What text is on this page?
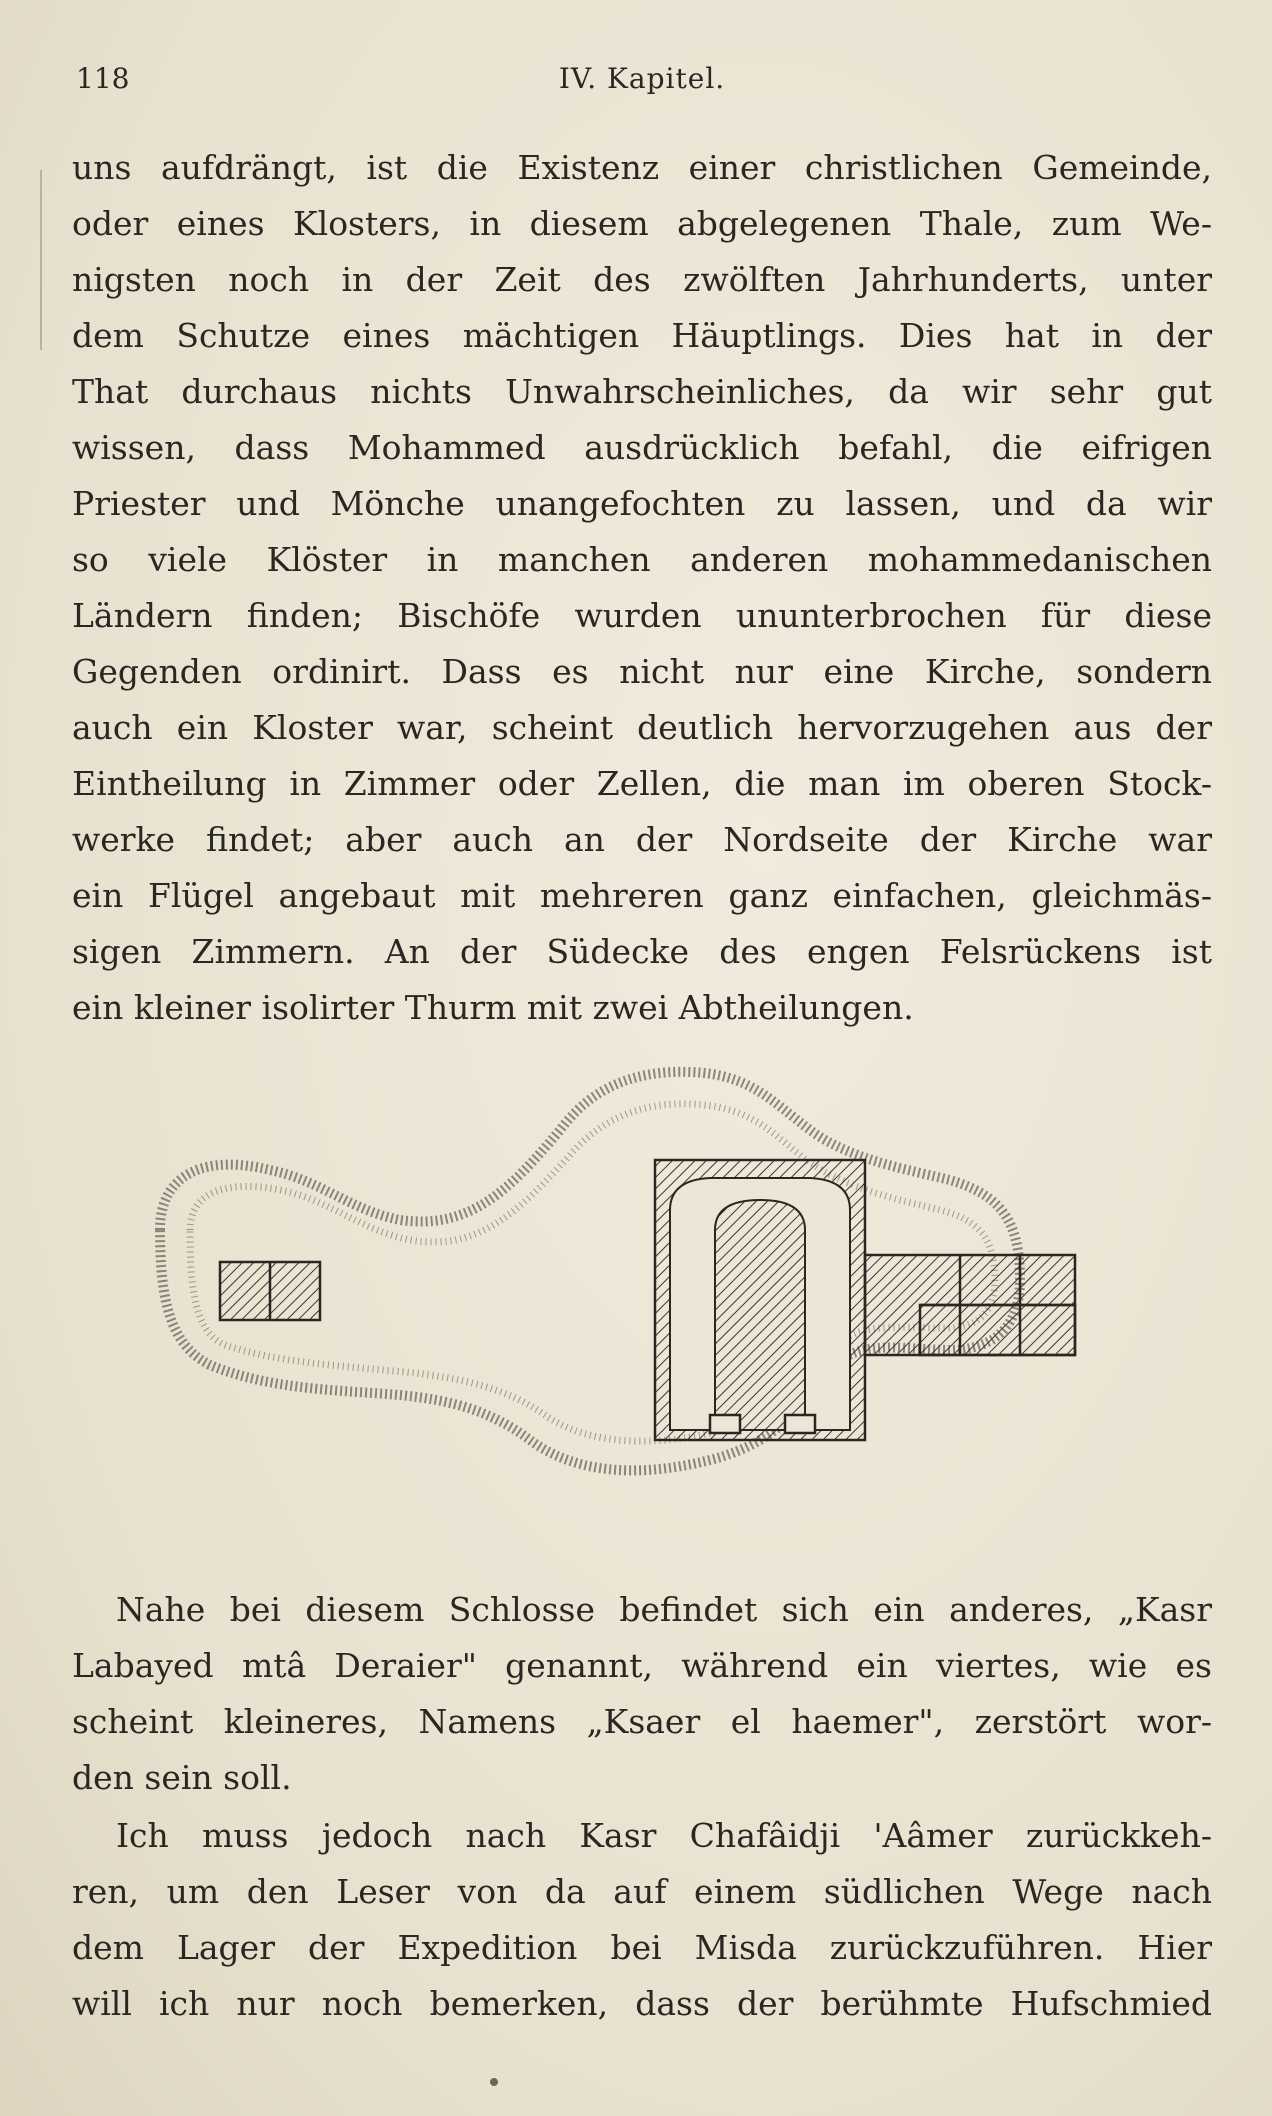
118	IV. Kapitel.
uns aufdrängt, ist die Existenz einer christlichen Gemeinde,
oder eines Klosters, in diesem abgelegenen Thale, zum We-
nigsten noch in der Zeit des zwölften Jahrhunderts, unter
dem Schutze eines mächtigen Häuptlings. Dies hat in der
That durchaus nichts Unwahrscheinliches, da wir sehr gut
wissen, dass Mohammed ausdrücklich befahl, die eifrigen
Priester und Mönche unangefochten zu lassen, und da wir
so viele Klöster in manchen anderen mohammedanischen
Ländern finden; Bischöfe wurden ununterbrochen für diese
Gegenden ordinirt. Dass es nicht nur eine Kirche, sondern
auch ein Kloster war, scheint deutlich hervorzugehen aus der
Eintheilung in Zimmer oder Zellen, die man im oberen Stock-
werke findet; aber auch an der Nordseite der Kirche war
ein Flügel angebaut mit mehreren ganz einfachen, gleichmäs-
sigen Zimmern. An der Südecke des engen Felsrückens ist
ein kleiner isolirter Thurm mit zwei Abtheilungen.
Nahe bei diesem Schlosse befindet sich ein anderes, „Kasr
Labayed mtâ Deraier" genannt, während ein viertes, wie es
scheint kleineres, Namens „Ksaer el haemer", zerstört wor-
den sein soll.
Ich muss jedoch nach Kasr Chafâidji 'Aâmer zurückkeh-
ren, um den Leser von da auf einem südlichen Wege nach
dem Lager der Expedition bei Misda zurückzuführen. Hier
will ich nur noch bemerken, dass der berühmte Hufschmied
